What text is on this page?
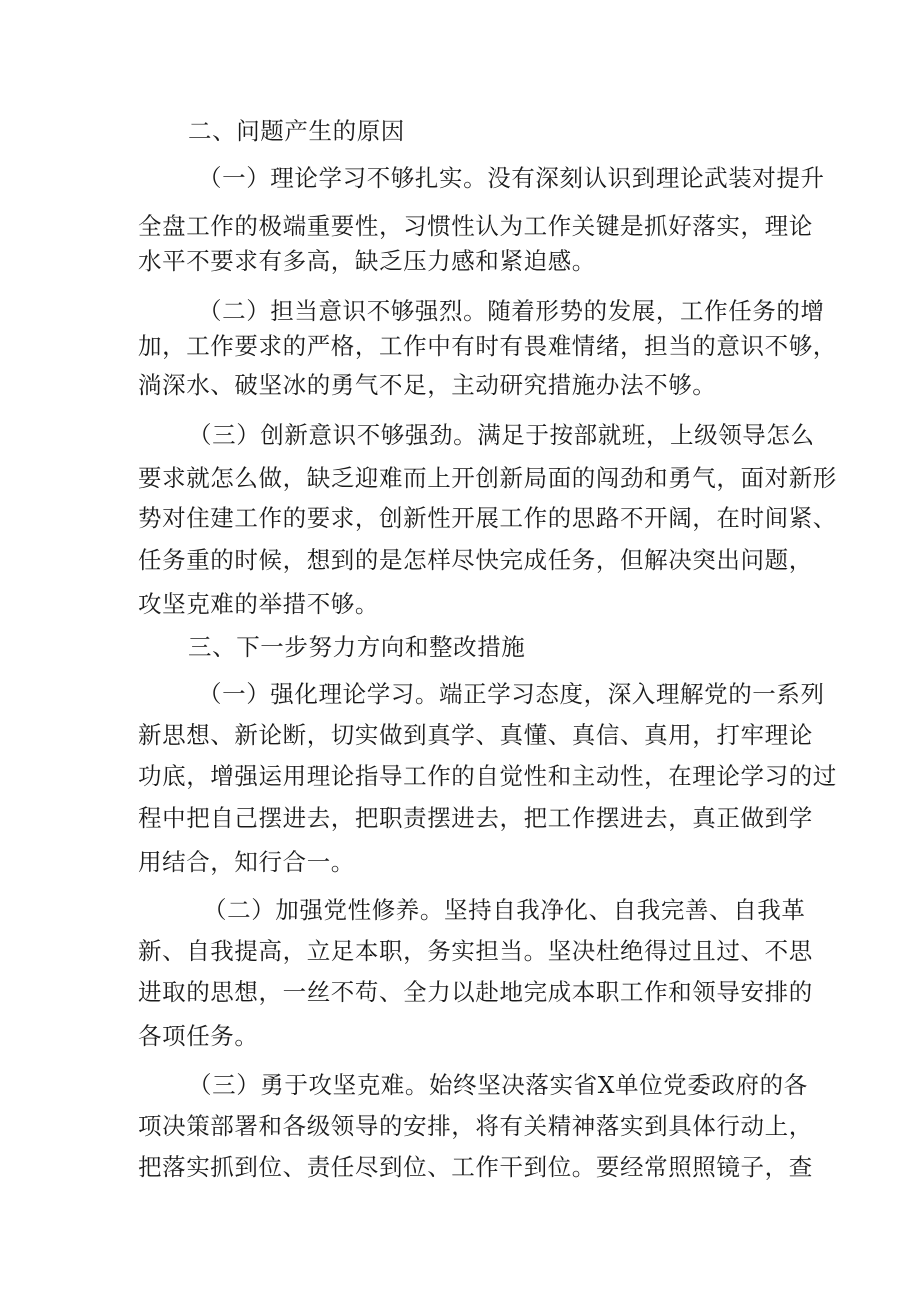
二、问题产生的原因
（一）理论学习不够扎实。没有深刻认识到理论武装对提升
全盘工作的极端重要性，习惯性认为工作关键是抓好落实，理论
水平不要求有多高，缺乏压力感和紧迫感。
（二）担当意识不够强烈。随着形势的发展，工作任务的增
加，工作要求的严格，工作中有时有畏难情绪，担当的意识不够，
淌深水、破坚冰的勇气不足，主动研究措施办法不够。
（三）创新意识不够强劲。满足于按部就班，上级领导怎么
要求就怎么做，缺乏迎难而上开创新局面的闯劲和勇气，面对新形
势对住建工作的要求，创新性开展工作的思路不开阔，在时间紧、
任务重的时候，想到的是怎样尽快完成任务，但解决突出问题，
攻坚克难的举措不够。
三、下一步努力方向和整改措施
（一）强化理论学习。端正学习态度，深入理解党的一系列
新思想、新论断，切实做到真学、真懂、真信、真用，打牢理论
功底，增强运用理论指导工作的自觉性和主动性，在理论学习的过
程中把自己摆进去，把职责摆进去，把工作摆进去，真正做到学
用结合，知行合一。
（二）加强党性修养。坚持自我净化、自我完善、自我革
新、自我提高，立足本职，务实担当。坚决杜绝得过且过、不思
进取的思想，一丝不苟、全力以赴地完成本职工作和领导安排的
各项任务。
（三）勇于攻坚克难。始终坚决落实省X单位党委政府的各
项决策部署和各级领导的安排，将有关精神落实到具体行动上，
把落实抓到位、责任尽到位、工作干到位。要经常照照镜子，查
